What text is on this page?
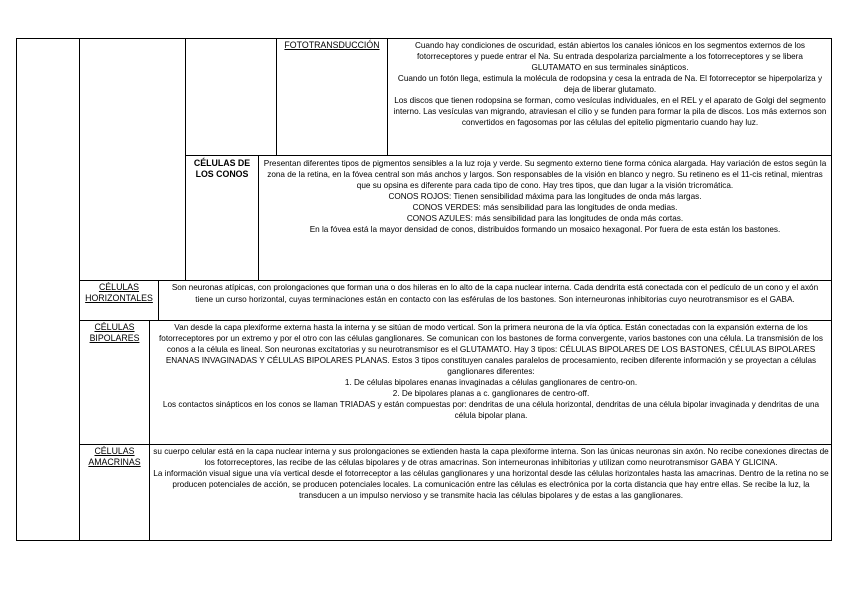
FOTOTRANSDUCCIÓN	Cuando hay condiciones de oscuridad, están abiertos los canales iónicos en los segmentos externos de los fotorreceptores y puede entrar el Na. Su entrada despolariza parcialmente a los fotorreceptores y se libera GLUTAMATO en sus terminales sinápticos.
Cuando un fotón llega, estimula la molécula de rodopsina y cesa la entrada de Na. El fotorreceptor se hiperpolariza y deja de liberar glutamato.
Los discos que tienen rodopsina se forman, como vesículas individuales, en el REL y el aparato de Golgi del segmento interno. Las vesículas van migrando, atraviesan el cilio y se funden para formar la pila de discos. Los más externos son convertidos en fagosomas por las células del epitelio pigmentario cuando hay luz.
CÉLULAS DE
LOS CONOS
Presentan diferentes tipos de pigmentos sensibles a la luz roja y verde. Su segmento externo tiene forma cónica alargada. Hay variación de estos según la zona de la retina, en la fóvea central son más anchos y largos. Son responsables de la visión en blanco y negro. Su retineno es el 11-cis retinal, mientras que su opsina es diferente para cada tipo de cono. Hay tres tipos, que dan lugar a la visión tricromática.
CONOS ROJOS: Tienen sensibilidad máxima para las longitudes de onda más largas.
CONOS VERDES: más sensibilidad para las longitudes de onda medias.
CONOS AZULES: más sensibilidad para las longitudes de onda más cortas.
En la fóvea está la mayor densidad de conos, distribuidos formando un mosaico hexagonal. Por fuera de esta están los bastones.
CÉLULAS
HORIZONTALES
Son neuronas atípicas, con prolongaciones que forman una o dos hileras en lo alto de la capa nuclear interna. Cada dendrita está conectada con el pedículo de un cono y el axón tiene un curso horizontal, cuyas terminaciones están en contacto con las esférulas de los bastones. Son interneuronas inhibitorias cuyo neurotransmisor es el GABA.
CÉLULAS
BIPOLARES
Van desde la capa plexiforme externa hasta la interna y se sitúan de modo vertical. Son la primera neurona de la vía óptica. Están conectadas con la expansión externa de los fotorreceptores por un extremo y por el otro con las células ganglionares. Se comunican con los bastones de forma convergente, varios bastones con una célula. La transmisión de los conos a la célula es lineal. Son neuronas excitatorias y su neurotransmisor es el GLUTAMATO. Hay 3 tipos: CÉLULAS BIPOLARES DE LOS BASTONES, CÉLULAS BIPOLARES ENANAS INVAGINADAS Y CÉLULAS BIPOLARES PLANAS. Estos 3 tipos constituyen canales paralelos de procesamiento, reciben diferente información y se proyectan a células ganglionares diferentes:
1. De células bipolares enanas invaginadas a células ganglionares de centro-on.
2. De bipolares planas a c. ganglionares de centro-off.
Los contactos sinápticos en los conos se llaman TRIADAS y están compuestas por: dendritas de una célula horizontal, dendritas de una célula bipolar invaginada y dendritas de una célula bipolar plana.
CÉLULAS
AMACRINAS
su cuerpo celular está en la capa nuclear interna y sus prolongaciones se extienden hasta la capa plexiforme interna. Son las únicas neuronas sin axón. No recibe conexiones directas de los fotorreceptores, las recibe de las células bipolares y de otras amacrinas. Son interneuronas inhibitorias y utilizan como neurotransmisor GABA Y GLICINA.
La información visual sigue una vía vertical desde el fotorreceptor a las células ganglionares y una horizontal desde las células horizontales hasta las amacrinas. Dentro de la retina no se producen potenciales de acción, se producen potenciales locales. La comunicación entre las células es electrónica por la corta distancia que hay entre ellas. Se recibe la luz, la transducen a un impulso nervioso y se transmite hacia las células bipolares y de estas a las ganglionares.
